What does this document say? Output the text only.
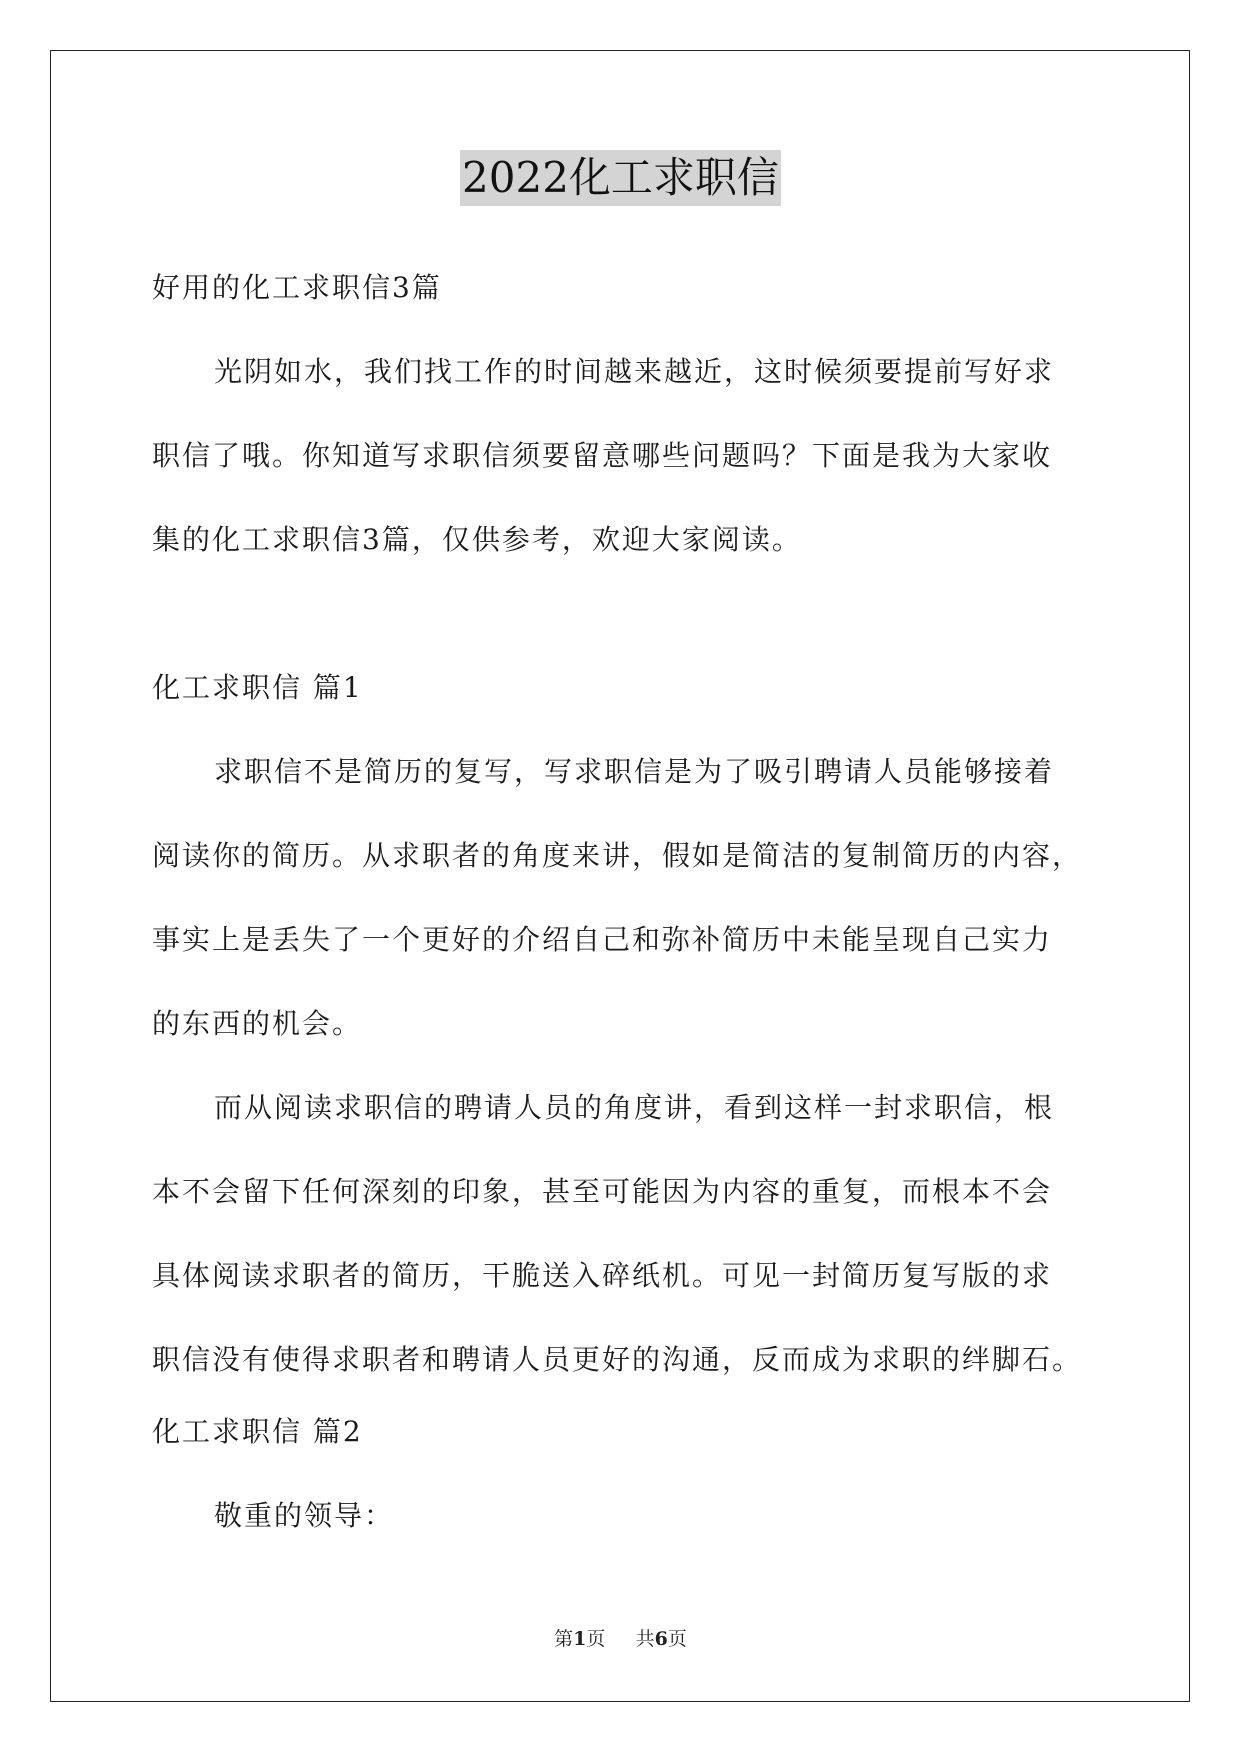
2022化工求职信
好用的化工求职信3篇
光阴如水，我们找工作的时间越来越近，这时候须要提前写好求
职信了哦。你知道写求职信须要留意哪些问题吗？下面是我为大家收
集的化工求职信3篇，仅供参考，欢迎大家阅读。
化工求职信 篇1
求职信不是简历的复写，写求职信是为了吸引聘请人员能够接着
阅读你的简历。从求职者的角度来讲，假如是简洁的复制简历的内容，
事实上是丢失了一个更好的介绍自己和弥补简历中未能呈现自己实力
的东西的机会。
而从阅读求职信的聘请人员的角度讲，看到这样一封求职信，根
本不会留下任何深刻的印象，甚至可能因为内容的重复，而根本不会
具体阅读求职者的简历，干脆送入碎纸机。可见一封简历复写版的求
职信没有使得求职者和聘请人员更好的沟通，反而成为求职的绊脚石。
化工求职信 篇2
敬重的领导：
第1页 共6页
